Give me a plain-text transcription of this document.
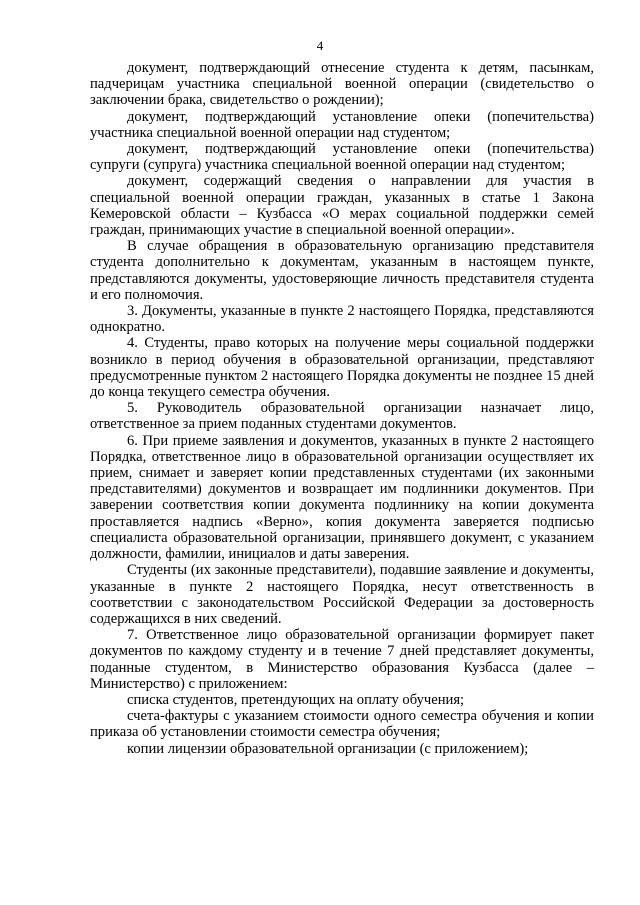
4

документ, подтверждающий отнесение студента к детям, пасынкам, падчерицам участника специальной военной операции (свидетельство о заключении брака, свидетельство о рождении);

документ, подтверждающий установление опеки (попечительства) участника специальной военной операции над студентом;

документ, подтверждающий установление опеки (попечительства) супруги (супруга) участника специальной военной операции над студентом;

документ, содержащий сведения о направлении для участия в специальной военной операции граждан, указанных в статье 1 Закона Кемеровской области – Кузбасса «О мерах социальной поддержки семей граждан, принимающих участие в специальной военной операции».

В случае обращения в образовательную организацию представителя студента дополнительно к документам, указанным в настоящем пункте, представляются документы, удостоверяющие личность представителя студента и его полномочия.

3. Документы, указанные в пункте 2 настоящего Порядка, представляются однократно.

4. Студенты, право которых на получение меры социальной поддержки возникло в период обучения в образовательной организации, представляют предусмотренные пунктом 2 настоящего Порядка документы не позднее 15 дней до конца текущего семестра обучения.

5. Руководитель образовательной организации назначает лицо, ответственное за прием поданных студентами документов.

6. При приеме заявления и документов, указанных в пункте 2 настоящего Порядка, ответственное лицо в образовательной организации осуществляет их прием, снимает и заверяет копии представленных студентами (их законными представителями) документов и возвращает им подлинники документов. При заверении соответствия копии документа подлиннику на копии документа проставляется надпись «Верно», копия документа заверяется подписью специалиста образовательной организации, принявшего документ, с указанием должности, фамилии, инициалов и даты заверения.

Студенты (их законные представители), подавшие заявление и документы, указанные в пункте 2 настоящего Порядка, несут ответственность в соответствии с законодательством Российской Федерации за достоверность содержащихся в них сведений.

7. Ответственное лицо образовательной организации формирует пакет документов по каждому студенту и в течение 7 дней представляет документы, поданные студентом, в Министерство образования Кузбасса (далее – Министерство) с приложением:

списка студентов, претендующих на оплату обучения;

счета-фактуры с указанием стоимости одного семестра обучения и копии приказа об установлении стоимости семестра обучения;

копии лицензии образовательной организации (с приложением);
